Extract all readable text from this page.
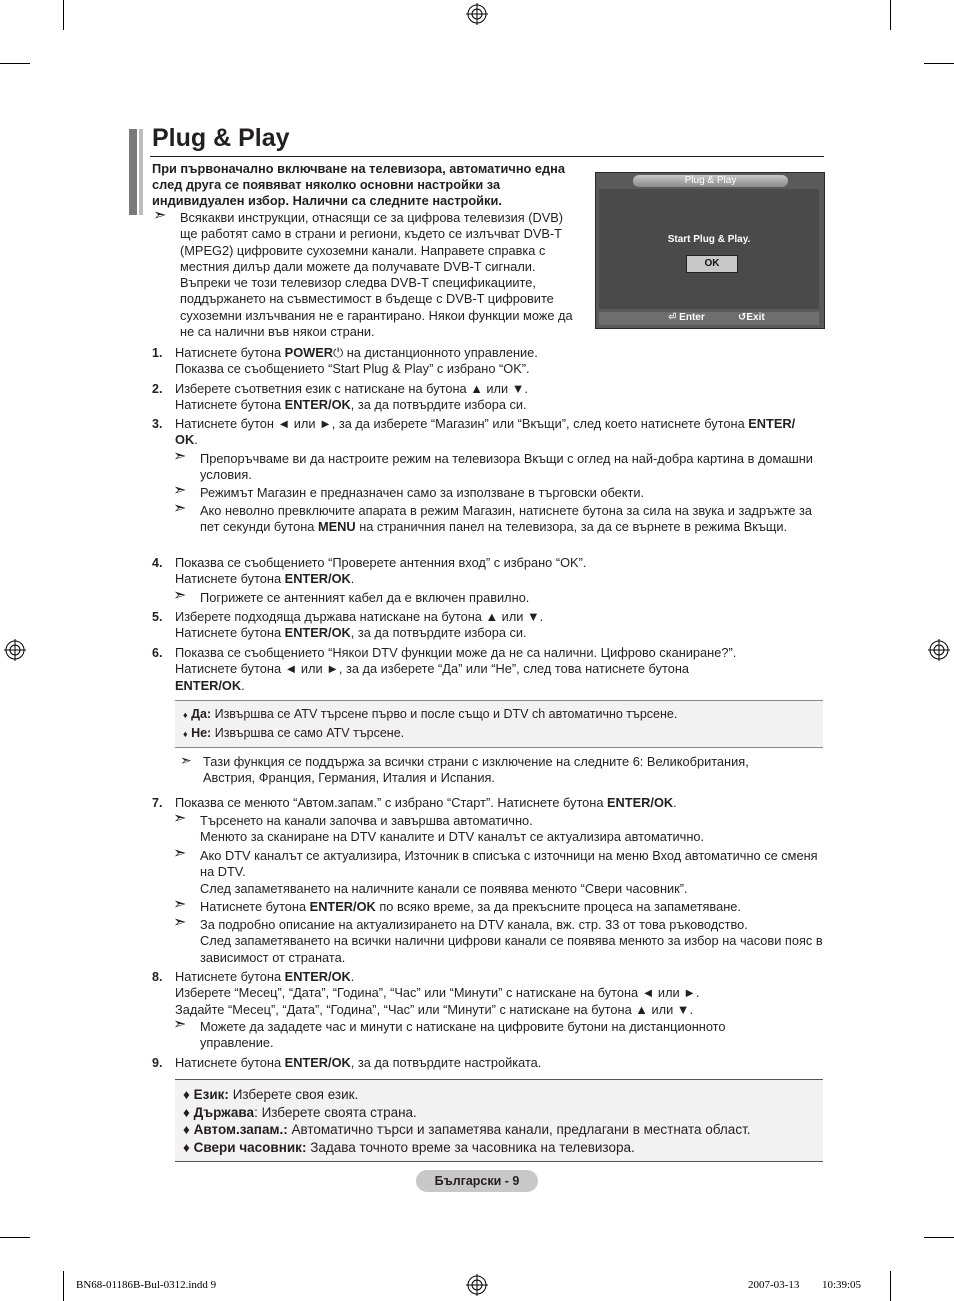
Plug & Play
При първоначално включване на телевизора, автоматично една след друга се появяват няколко основни настройки за индивидуален избор. Налични са следните настройки.
➣ Всякакви инструкции, отнасящи се за цифрова телевизия (DVB) ще работят само в страни и региони, където се излъчват DVB-T (MPEG2) цифровите сухоземни канали. Направете справка с местния дилър дали можете да получавате DVB-T сигнали. Въпреки че този телевизор следва DVB-T спецификациите, поддържането на съвместимост в бъдеще с DVB-T цифровите сухоземни излъчвания не е гарантирано. Някои функции може да не са налични във някои страни.
Plug & Play
Start Plug & Play.
OK
⏎ Enter	↺Exit
1. Натиснете бутона POWER⏻ на дистанционното управление.
Показва се съобщението “Start Plug & Play” с избрано “OK”.
2. Изберете съответния език с натискане на бутона ▲ или ▼.
Натиснете бутона ENTER/OK, за да потвърдите избора си.
3. Натиснете бутон ◄ или ►, за да изберете “Магазин” или “Вкъщи”, след което натиснете бутона ENTER/
OK.
➣ Препоръчваме ви да настроите режим на телевизора Вкъщи с оглед на най-добра картина в домашни условия.
➣ Режимът Магазин е предназначен само за използване в търговски обекти.
➣ Ако неволно превключите апарата в режим Магазин, натиснете бутона за сила на звука и задръжте за пет секунди бутона MENU на страничния панел на телевизора, за да се върнете в режима Вкъщи.
4. Показва се съобщението “Проверете антенния вход” с избрано “OK”.
Натиснете бутона ENTER/OK.
➣ Погрижете се антенният кабел да е включен правилно.
5. Изберете подходяща държава натискане на бутона ▲ или ▼.
Натиснете бутона ENTER/OK, за да потвърдите избора си.
6. Показва се съобщението “Някои DTV функции може да не са налични. Цифрово сканиране?”.
Натиснете бутона ◄ или ►, за да изберете “Да” или “Не”, след това натиснете бутона
ENTER/OK.
♦ Да: Извършва се ATV търсене първо и после също и DTV ch автоматично търсене.
♦ Не: Извършва се само ATV търсене.
➣ Тази функция се поддържа за всички страни с изключение на следните 6: Великобритания, Австрия, Франция, Германия, Италия и Испания.
7. Показва се менюто “Автом.запам.” с избрано “Старт”. Натиснете бутона ENTER/OK.
➣ Търсенето на канали започва и завършва автоматично.
Менюто за сканиране на DTV каналите и DTV каналът се актуализира автоматично.
➣ Ако DTV каналът се актуализира, Източник в списъка с източници на меню Вход автоматично се сменя на DTV.
След запаметяването на наличните канали се появява менюто “Свери часовник”.
➣ Натиснете бутона ENTER/OK по всяко време, за да прекъсните процеса на запаметяване.
➣ За подробно описание на актуализирането на DTV канала, вж. стр. 33 от това ръководство.
След запаметяването на всички налични цифрови канали се появява менюто за избор на часови пояс в зависимост от страната.
8. Натиснете бутона ENTER/OK.
Изберете “Месец”, “Дата”, “Година”, “Час” или “Минути” с натискане на бутона ◄ или ►.
Задайте “Месец”, “Дата”, “Година”, “Час” или “Минути” с натискане на бутона ▲ или ▼.
➣ Можете да зададете час и минути с натискане на цифровите бутони на дистанционното управление.
9. Натиснете бутона ENTER/OK, за да потвърдите настройката.
♦ Език: Изберете своя език.
♦ Държава: Изберете своята страна.
♦ Автом.запам.: Автоматично търси и запаметява канали, предлагани в местната област.
♦ Свери часовник: Задава точното време за часовника на телевизора.
Български - 9
BN68-01186B-Bul-0312.indd 9	2007-03-13 ￿￿ 10:39:05
